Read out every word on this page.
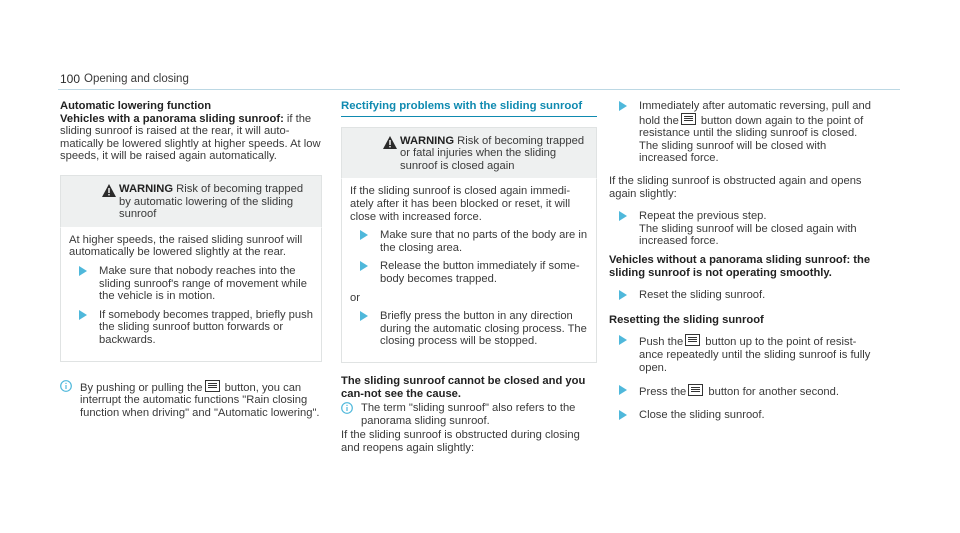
100 Opening and closing
Automatic lowering function

Vehicles with a panorama sliding sunroof: if the sliding sunroof is raised at the rear, it will auto-matically be lowered slightly at higher speeds. At low speeds, it will be raised again automatically.

WARNING Risk of becoming trapped by automatic lowering of the sliding sunroof
At higher speeds, the raised sliding sunroof will automatically be lowered slightly at the rear.
Make sure that nobody reaches into the sliding sunroof's range of movement while the vehicle is in motion.
If somebody becomes trapped, briefly push the sliding sunroof button forwards or backwards.
By pushing or pulling the button, you can interrupt the automatic functions "Rain closing function when driving" and "Automatic lowering".
Rectifying problems with the sliding sunroof
WARNING Risk of becoming trapped or fatal injuries when the sliding sunroof is closed again
If the sliding sunroof is closed again immedi-ately after it has been blocked or reset, it will close with increased force.
Make sure that no parts of the body are in the closing area.
Release the button immediately if some-body becomes trapped.
or
Briefly press the button in any direction during the automatic closing process. The closing process will be stopped.
The sliding sunroof cannot be closed and you can-not see the cause.
The term "sliding sunroof" also refers to the panorama sliding sunroof.
If the sliding sunroof is obstructed during closing and reopens again slightly:
Immediately after automatic reversing, pull and hold the button down again to the point of resistance until the sliding sunroof is closed.
The sliding sunroof will be closed with increased force.
If the sliding sunroof is obstructed again and opens again slightly:
Repeat the previous step.
The sliding sunroof will be closed again with increased force.
Vehicles without a panorama sliding sunroof: the sliding sunroof is not operating smoothly.
Reset the sliding sunroof.
Resetting the sliding sunroof
Push the button up to the point of resist-ance repeatedly until the sliding sunroof is fully open.
Press the button for another second.
Close the sliding sunroof.
